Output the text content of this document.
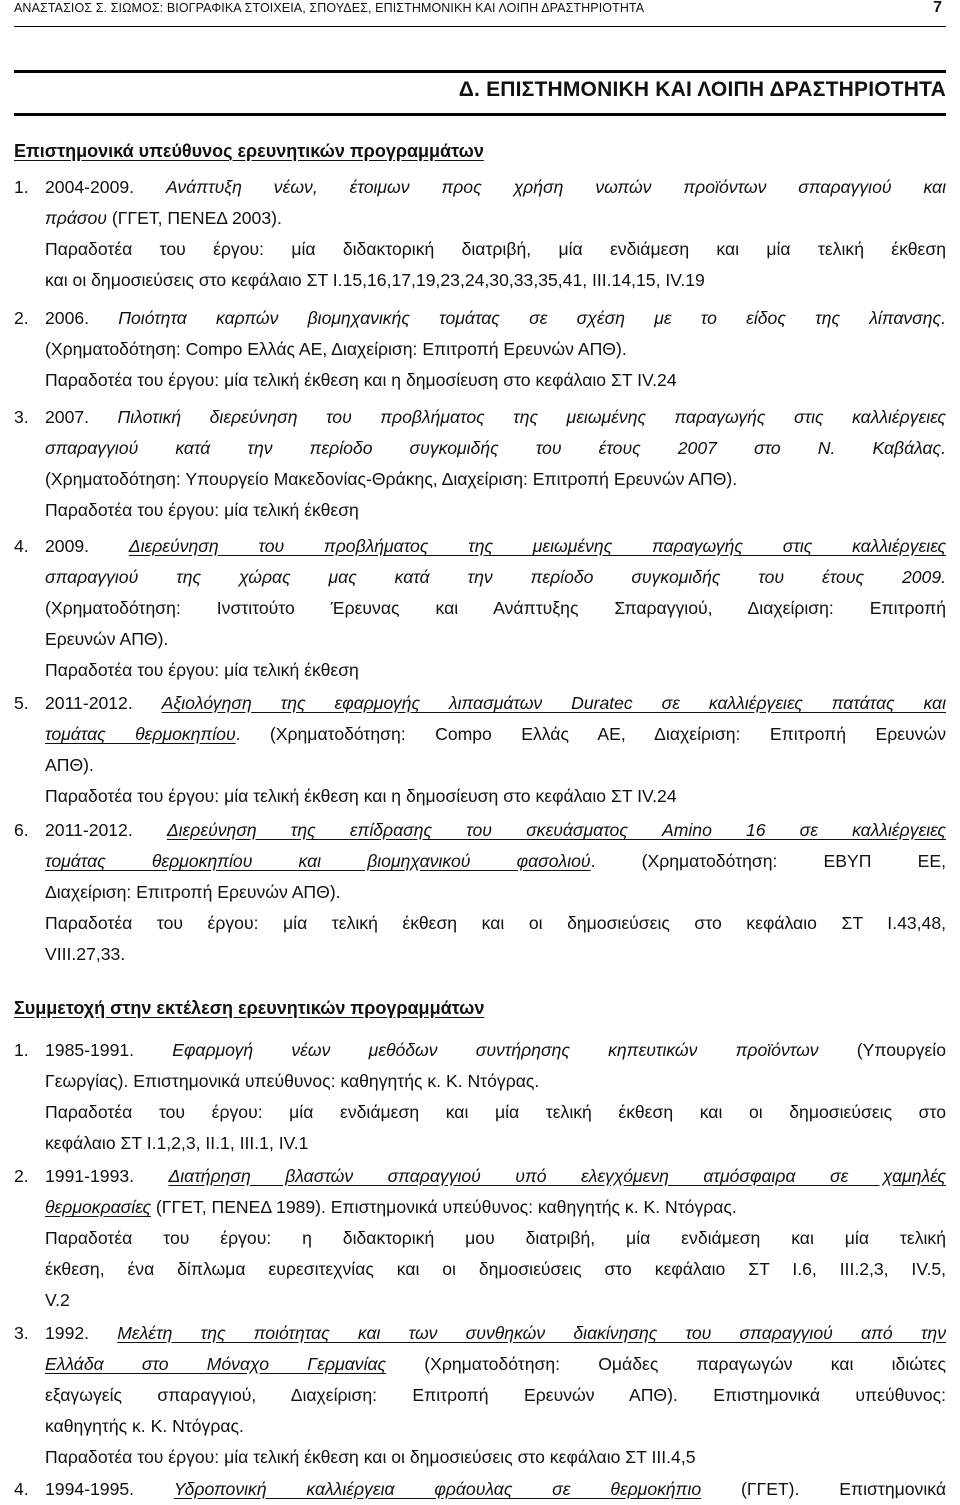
ΑΝΑΣΤΑΣΙΟΣ Σ. ΣΙΩΜΟΣ: ΒΙΟΓΡΑΦΙΚΑ ΣΤΟΙΧΕΙΑ, ΣΠΟΥΔΕΣ, ΕΠΙΣΤΗΜΟΝΙΚΗ ΚΑΙ ΛΟΙΠΗ ΔΡΑΣΤΗΡΙΟΤΗΤΑ	7
Δ. ΕΠΙΣΤΗΜΟΝΙΚΗ ΚΑΙ ΛΟΙΠΗ ΔΡΑΣΤΗΡΙΟΤΗΤΑ
Επιστημονικά υπεύθυνος ερευνητικών προγραμμάτων
1. 2004-2009. Ανάπτυξη νέων, έτοιμων προς χρήση νωπών προϊόντων σπαραγγιού και
πράσου (ΓΓΕΤ, ΠΕΝΕΔ 2003).
Παραδοτέα του έργου: μία διδακτορική διατριβή, μία ενδιάμεση και μία τελική έκθεση
και οι δημοσιεύσεις στο κεφάλαιο ΣΤ Ι.15,16,17,19,23,24,30,33,35,41, ΙΙΙ.14,15, ΙV.19
2. 2006. Ποιότητα καρπών βιομηχανικής τομάτας σε σχέση με το είδος της λίπανσης.
(Χρηματοδότηση: Compo Ελλάς ΑΕ, Διαχείριση: Επιτροπή Ερευνών ΑΠΘ).
Παραδοτέα του έργου: μία τελική έκθεση και η δημοσίευση στο κεφάλαιο ΣΤ ΙV.24
3. 2007. Πιλοτική διερεύνηση του προβλήματος της μειωμένης παραγωγής στις καλλιέργειες
σπαραγγιού κατά την περίοδο συγκομιδής του έτους 2007 στο Ν. Καβάλας.
(Χρηματοδότηση: Υπουργείο Μακεδονίας-Θράκης, Διαχείριση: Επιτροπή Ερευνών ΑΠΘ).
Παραδοτέα του έργου: μία τελική έκθεση
4. 2009. Διερεύνηση του προβλήματος της μειωμένης παραγωγής στις καλλιέργειες
σπαραγγιού της χώρας μας κατά την περίοδο συγκομιδής του έτους 2009.
(Χρηματοδότηση: Ινστιτούτο Έρευνας και Ανάπτυξης Σπαραγγιού, Διαχείριση: Επιτροπή
Ερευνών ΑΠΘ).
Παραδοτέα του έργου: μία τελική έκθεση
5. 2011-2012. Αξιολόγηση της εφαρμογής λιπασμάτων Duratec σε καλλιέργειες πατάτας και
τομάτας θερμοκηπίου. (Χρηματοδότηση: Compo Ελλάς ΑΕ, Διαχείριση: Επιτροπή Ερευνών
ΑΠΘ).
Παραδοτέα του έργου: μία τελική έκθεση και η δημοσίευση στο κεφάλαιο ΣΤ ΙV.24
6. 2011-2012. Διερεύνηση της επίδρασης του σκευάσματος Amino 16 σε καλλιέργειες
τομάτας θερμοκηπίου και βιομηχανικού φασολιού. (Χρηματοδότηση: ΕΒΥΠ ΕΕ,
Διαχείριση: Επιτροπή Ερευνών ΑΠΘ).
Παραδοτέα του έργου: μία τελική έκθεση και οι δημοσιεύσεις στο κεφάλαιο ΣΤ Ι.43,48,
VIII.27,33.
Συμμετοχή στην εκτέλεση ερευνητικών προγραμμάτων
1. 1985-1991. Εφαρμογή νέων μεθόδων συντήρησης κηπευτικών προϊόντων (Υπουργείο
Γεωργίας). Επιστημονικά υπεύθυνος: καθηγητής κ. Κ. Ντόγρας.
Παραδοτέα του έργου: μία ενδιάμεση και μία τελική έκθεση και οι δημοσιεύσεις στο
κεφάλαιο ΣΤ Ι.1,2,3, ΙΙ.1, ΙΙΙ.1, ΙV.1
2. 1991-1993. Διατήρηση βλαστών σπαραγγιού υπό ελεγχόμενη ατμόσφαιρα σε χαμηλές
θερμοκρασίες (ΓΓΕΤ, ΠΕΝΕΔ 1989). Επιστημονικά υπεύθυνος: καθηγητής κ. Κ. Ντόγρας.
Παραδοτέα του έργου: η διδακτορική μου διατριβή, μία ενδιάμεση και μία τελική
έκθεση, ένα δίπλωμα ευρεσιτεχνίας και οι δημοσιεύσεις στο κεφάλαιο ΣΤ Ι.6, ΙΙΙ.2,3, ΙV.5,
V.2
3. 1992. Μελέτη της ποιότητας και των συνθηκών διακίνησης του σπαραγγιού από την
Ελλάδα στο Μόναχο Γερμανίας (Χρηματοδότηση: Ομάδες παραγωγών και ιδιώτες
εξαγωγείς σπαραγγιού, Διαχείριση: Επιτροπή Ερευνών ΑΠΘ). Επιστημονικά υπεύθυνος:
καθηγητής κ. Κ. Ντόγρας.
Παραδοτέα του έργου: μία τελική έκθεση και οι δημοσιεύσεις στο κεφάλαιο ΣΤ ΙΙΙ.4,5
4. 1994-1995. Υδροπονική καλλιέργεια φράουλας σε θερμοκήπιο (ΓΓΕΤ). Επιστημονικά
